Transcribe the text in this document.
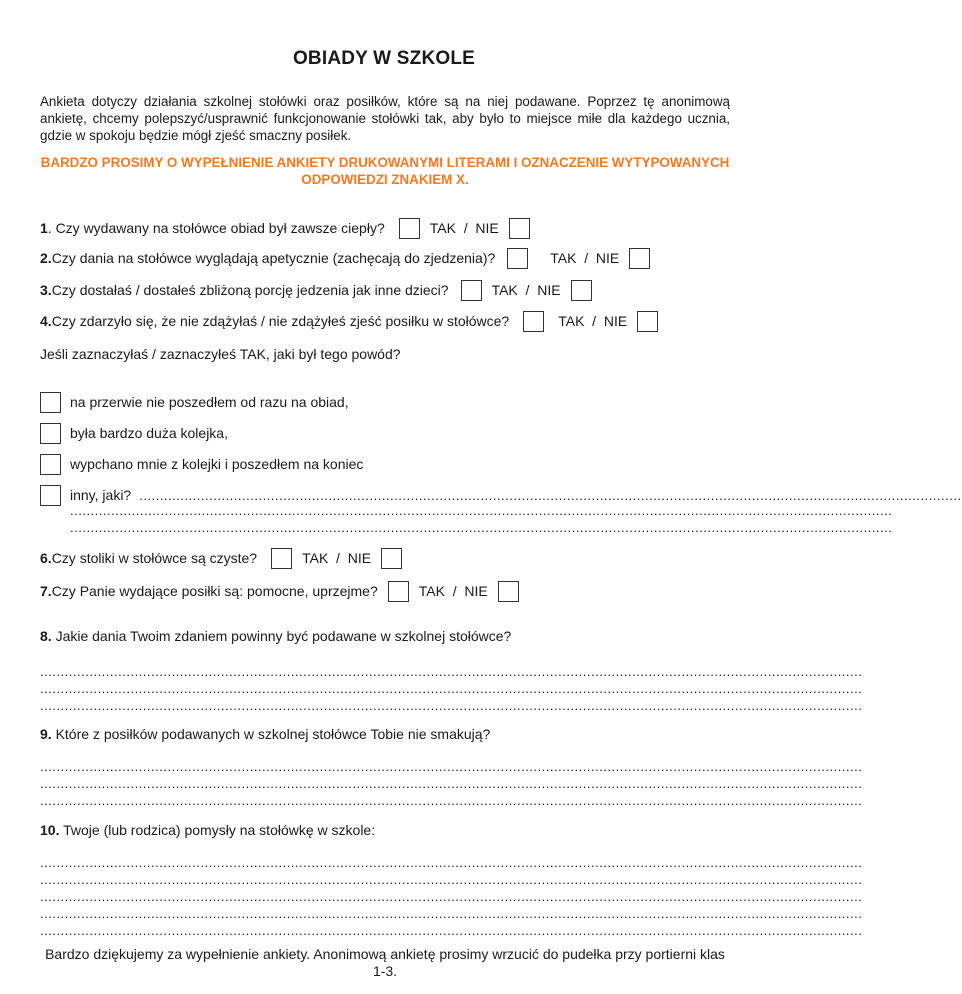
OBIADY W SZKOLE
Ankieta dotyczy działania szkolnej stołówki oraz posiłków, które są na niej podawane. Poprzez tę anonimową ankietę, chcemy polepszyć/usprawnić funkcjonowanie stołówki tak, aby było to miejsce miłe dla każdego ucznia, gdzie w spokoju będzie mógł zjeść smaczny posiłek.
BARDZO PROSIMY O WYPEŁNIENIE ANKIETY DRUKOWANYMI LITERAMI I OZNACZENIE WYTYPOWANYCH ODPOWIEDZI ZNAKIEM X.
1 . Czy wydawany na stołówce obiad był zawsze ciepły?	TAK  /  NIE
2. Czy dania na stołówce wyglądają apetycznie (zachęcają do zjedzenia)?	TAK  /  NIE
3. Czy dostałaś / dostałeś zbliżoną porcję jedzenia jak inne dzieci?	TAK  /  NIE
4. Czy zdarzyło się, że nie zdążyłaś / nie zdążyłeś zjeść posiłku w stołówce?	TAK  /  NIE
Jeśli zaznaczyłaś / zaznaczyłeś TAK, jaki był tego powód?
na przerwie nie poszedłem od razu na obiad,
była bardzo duża kolejka,
wypchano mnie z kolejki i poszedłem na koniec
inny, jaki? ........................................................................................................................................................................................................
........................................................................................................................................................................................................
........................................................................................................................................................................................................
6. Czy stoliki w stołówce są czyste?	TAK  /  NIE
7. Czy Panie wydające posiłki są: pomocne, uprzejme?	TAK  /  NIE
8. Jakie dania Twoim zdaniem powinny być podawane w szkolnej stołówce?
........................................................................................................................................................................................................
........................................................................................................................................................................................................
........................................................................................................................................................................................................
9. Które z posiłków podawanych w szkolnej stołówce Tobie nie smakują?
........................................................................................................................................................................................................
........................................................................................................................................................................................................
........................................................................................................................................................................................................
10. Twoje (lub rodzica) pomysły na stołówkę w szkole:
........................................................................................................................................................................................................
........................................................................................................................................................................................................
........................................................................................................................................................................................................
........................................................................................................................................................................................................
........................................................................................................................................................................................................
Bardzo dziękujemy za wypełnienie ankiety. Anonimową ankietę prosimy wrzucić do pudełka przy portierni klas 1-3.
